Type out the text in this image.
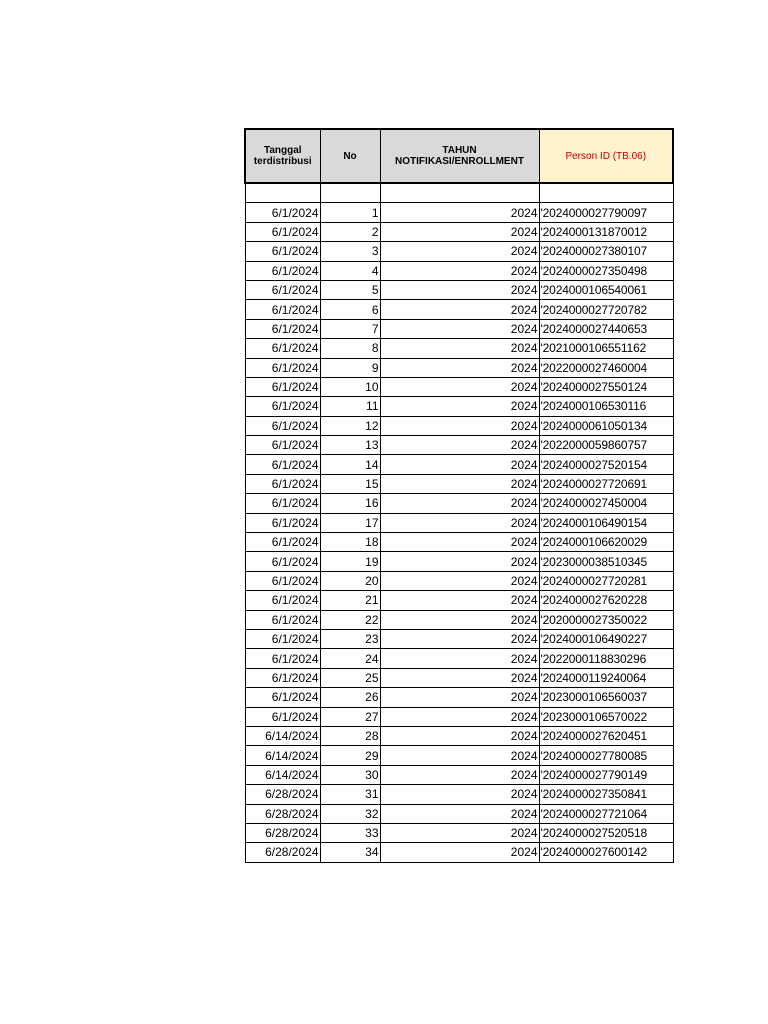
Tanggal terdistribusi	No	TAHUN NOTIFIKASI/ENROLLMENT	Person ID (TB.06)

6/1/2024	1	2024	'2024000027790097
6/1/2024	2	2024	'2024000131870012
6/1/2024	3	2024	'2024000027380107
6/1/2024	4	2024	'2024000027350498
6/1/2024	5	2024	'2024000106540061
6/1/2024	6	2024	'2024000027720782
6/1/2024	7	2024	'2024000027440653
6/1/2024	8	2024	'2021000106551162
6/1/2024	9	2024	'2022000027460004
6/1/2024	10	2024	'2024000027550124
6/1/2024	11	2024	'2024000106530116
6/1/2024	12	2024	'2024000061050134
6/1/2024	13	2024	'2022000059860757
6/1/2024	14	2024	'2024000027520154
6/1/2024	15	2024	'2024000027720691
6/1/2024	16	2024	'2024000027450004
6/1/2024	17	2024	'2024000106490154
6/1/2024	18	2024	'2024000106620029
6/1/2024	19	2024	'2023000038510345
6/1/2024	20	2024	'2024000027720281
6/1/2024	21	2024	'2024000027620228
6/1/2024	22	2024	'2020000027350022
6/1/2024	23	2024	'2024000106490227
6/1/2024	24	2024	'2022000118830296
6/1/2024	25	2024	'2024000119240064
6/1/2024	26	2024	'2023000106560037
6/1/2024	27	2024	'2023000106570022
6/14/2024	28	2024	'2024000027620451
6/14/2024	29	2024	'2024000027780085
6/14/2024	30	2024	'2024000027790149
6/28/2024	31	2024	'2024000027350841
6/28/2024	32	2024	'2024000027721064
6/28/2024	33	2024	'2024000027520518
6/28/2024	34	2024	'2024000027600142
